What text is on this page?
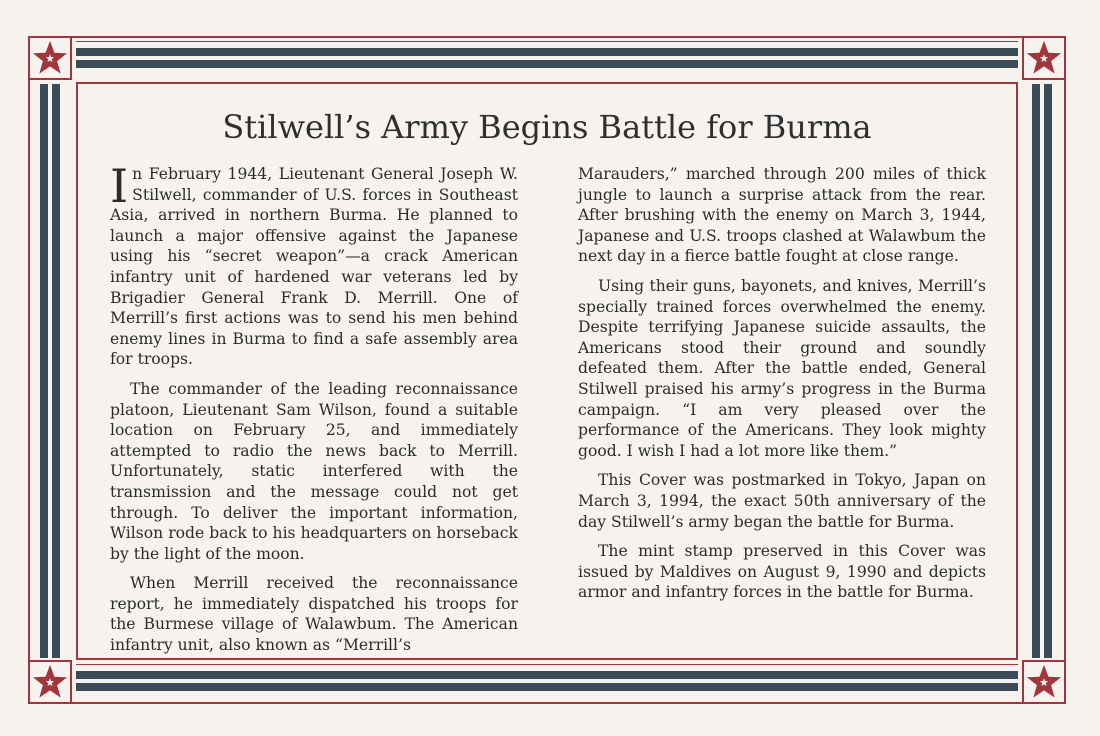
Stilwell’s Army Begins Battle for Burma

In February 1944, Lieutenant General Joseph W. Stilwell, commander of U.S. forces in Southeast Asia, arrived in northern Burma. He planned to launch a major offensive against the Japanese using his “secret weapon”—a crack American infantry unit of hardened war veterans led by Brigadier General Frank D. Merrill. One of Merrill’s first actions was to send his men behind enemy lines in Burma to find a safe assembly area for troops.

The commander of the leading reconnaissance platoon, Lieutenant Sam Wilson, found a suitable location on February 25, and immediately attempted to radio the news back to Merrill. Unfortunately, static interfered with the transmission and the message could not get through. To deliver the important information, Wilson rode back to his headquarters on horseback by the light of the moon.

When Merrill received the reconnaissance report, he immediately dispatched his troops for the Burmese village of Walawbum. The American infantry unit, also known as “Merrill’s

Marauders,” marched through 200 miles of thick jungle to launch a surprise attack from the rear. After brushing with the enemy on March 3, 1944, Japanese and U.S. troops clashed at Walawbum the next day in a fierce battle fought at close range.

Using their guns, bayonets, and knives, Merrill’s specially trained forces overwhelmed the enemy. Despite terrifying Japanese suicide assaults, the Americans stood their ground and soundly defeated them. After the battle ended, General Stilwell praised his army’s progress in the Burma campaign. “I am very pleased over the performance of the Americans. They look mighty good. I wish I had a lot more like them.”

This Cover was postmarked in Tokyo, Japan on March 3, 1994, the exact 50th anniversary of the day Stilwell’s army began the battle for Burma.

The mint stamp preserved in this Cover was issued by Maldives on August 9, 1990 and depicts armor and infantry forces in the battle for Burma.
